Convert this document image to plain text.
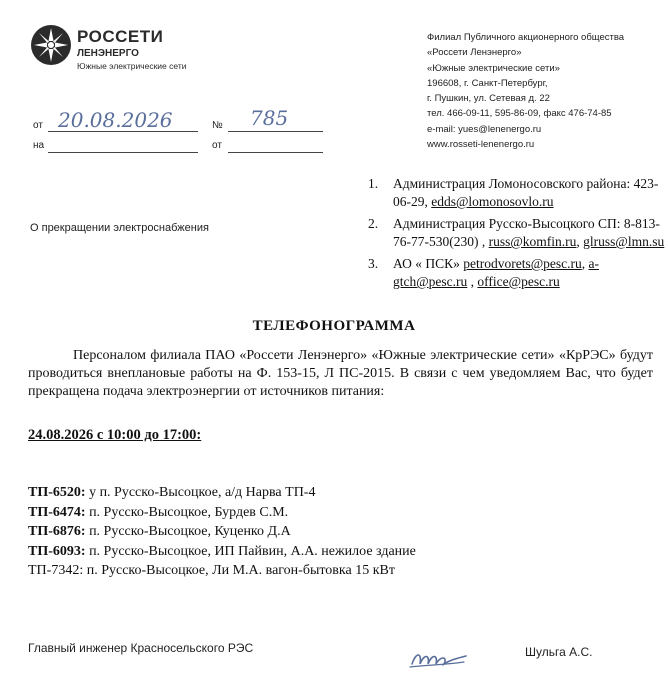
РОССЕТИ
ЛЕНЭНЕРГО
Южные электрические сети
Филиал Публичного акционерного общества
«Россети Ленэнерго»
«Южные электрические сети»
196608, г. Санкт-Петербург,
г. Пушкин, ул. Сетевая д. 22
тел. 466-09-11, 595-86-09, факс 476-74-85
e-mail: yues@lenenergo.ru
www.rosseti-lenenergo.ru
от 20.08.2026	№ 785
на	от
О прекращении электроснабжения
1. Администрация Ломоносовского района: 423-06-29, edds@lomonosovlo.ru
2. Администрация Русско-Высоцкого СП: 8-813-76-77-530(230) , russ@komfin.ru, glruss@lmn.su
3. АО « ПСК» petrodvorets@pesc.ru, a-gtch@pesc.ru , office@pesc.ru
ТЕЛЕФОНОГРАММА
Персоналом филиала ПАО «Россети Ленэнерго» «Южные электрические сети» «КрРЭС» будут проводиться внеплановые работы на Ф. 153-15, Л ПС-2015. В связи с чем уведомляем Вас, что будет прекращена подача электроэнергии от источников питания:
24.08.2026 с 10:00 до 17:00:
ТП-6520: у п. Русско-Высоцкое, а/д Нарва ТП-4
ТП-6474: п. Русско-Высоцкое, Бурдев С.М.
ТП-6876: п. Русско-Высоцкое, Куценко Д.А
ТП-6093: п. Русско-Высоцкое, ИП Пайвин, А.А. нежилое здание
ТП-7342: п. Русско-Высоцкое, Ли М.А. вагон-бытовка 15 кВт
Главный инженер Красносельского РЭС	Шульга А.С.
